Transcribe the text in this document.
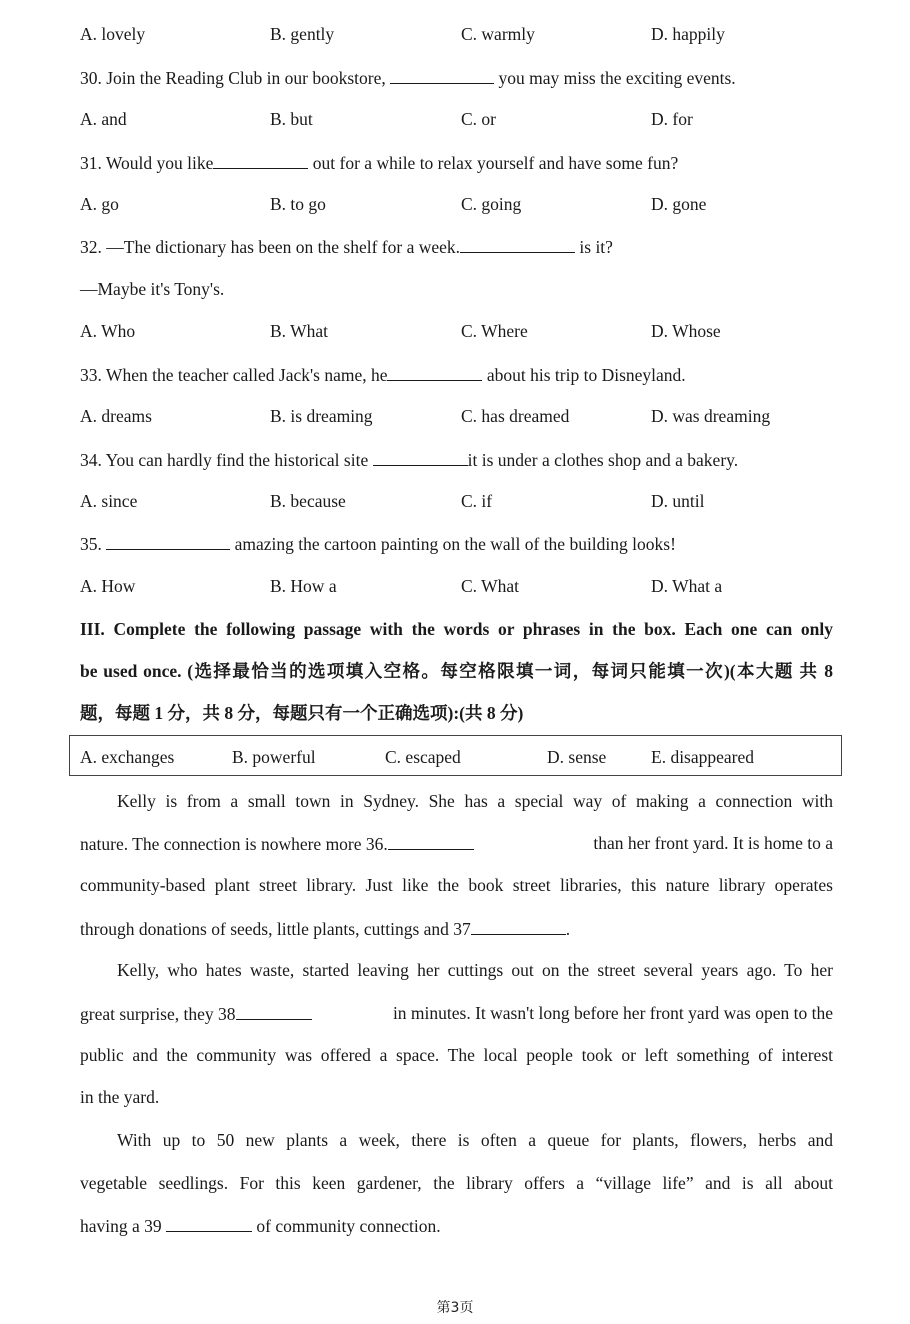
A. lovely	B. gently	C. warmly	D. happily
30. Join the Reading Club in our bookstore,	you may miss the exciting events.
A. and	B. but	C. or	D. for
31. Would you like	out for a while to relax yourself and have some fun?
A. go	B. to go	C. going	D. gone
32. —The dictionary has been on the shelf for a week.	is it?
—Maybe it's Tony's.
A. Who	B. What	C. Where	D. Whose
33. When the teacher called Jack's name, he	about his trip to Disneyland.
A. dreams	B. is dreaming	C. has dreamed	D. was dreaming
34. You can hardly find the historical site	it is under a clothes shop and a bakery.
A. since	B. because	C. if	D. until
35.	amazing the cartoon painting on the wall of the building looks!
A. How	B. How a	C. What	D. What a
III. Complete the following passage with the words or phrases in the box. Each one can only
be used once. (选择最恰当的选项填入空格。每空格限填一词，每词只能填一次)(本大题 共 8
题，每题 1 分，共 8 分，每题只有一个正确选项):(共 8 分)
A. exchanges	B. powerful	C. escaped	D. sense	E. disappeared
Kelly is from a small town in Sydney. She has a special way of making a connection with
nature. The connection is nowhere more 36.	than her front yard. It is home to a
community-based plant street library. Just like the book street libraries, this nature library operates
through donations of seeds, little plants, cuttings and 37	.
Kelly, who hates waste, started leaving her cuttings out on the street several years ago. To her
great surprise, they 38	in minutes. It wasn't long before her front yard was open to the
public and the community was offered a space. The local people took or left something of interest
in the yard.
With up to 50 new plants a week, there is often a queue for plants, flowers, herbs and
vegetable seedlings. For this keen gardener, the library offers a “village life” and is all about
having a 39	of community connection.
第3页
